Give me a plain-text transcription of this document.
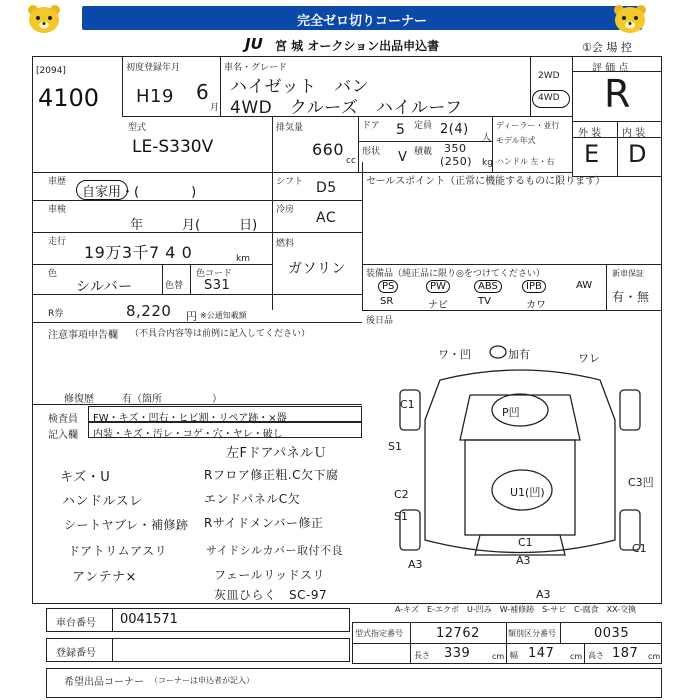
完全ゼロ切りコーナー
JU 宮 城 オークション出品申込書	①会 場 控
[2094]
4100
初度登録年月
H19 6
月
車名・グレード
ハイゼット　バン
4WD　クルーズ　ハイルーフ
2WD
4WD
評 価 点
R
型式
LE-S330V
排気量
660
cc
ドア 5 定員 2(4)
人
形状 V 積載 350
(250) kg
ディーラー・並行
モデル年式
ハンドル 左・右
外 装 内 装
E D
車歴
自家用・(　　　　)
シフト D5	セールスポイント（正常に機能するものに限ります）
車検
年　　　月(　　　日)
冷房 AC
走行
19万3千7 4 0	km
燃料
ガソリン
色
シルバー	色替
色コード
S31
R券	8,220 円 ※公通知載額
装備品（純正品に限り◎をつけてください）	新車保証
有・無
PS	PW	ABS	IPB	AW
SR	ナビ	TV	カワ
後日品
注意事項申告欄 （不具合内容等は前例に記入してください）
修復歴	有（箇所　　　　　）
検査員
記入欄
FW・キズ・凹右・ヒビ割・リペア跡・×器
内装・キズ・汚レ・コゲ・穴・ヤレ・破し
左FドアパネルＵ
キズ・U	Rフロア修正粗.C欠下腐
ハンドルスレ	エンドパネルC欠
シートヤブレ・補修跡 Rサイドメンバー修正
ドアトリムアスリ	サイドシルカバー取付不良
アンテナ×	フェールリッドスリ
灰皿ひらく　SC-97
ワ・凹	加有	ワレ
C1
P凹
S1
C2	U1(凹)
S1
C3凹
C1
A3
A3
A3
C1
A-キズ　E-エクボ　U-凹み　W-補修跡　S-サビ　C-腐食　XX-交換
車台番号 0041571
登録番号
型式指定番号	12762	類別区分番号	0035
長さ 339	cm 幅 147 cm 高さ 187 cm
希望出品コーナー （コーナーは申込者が記入）
